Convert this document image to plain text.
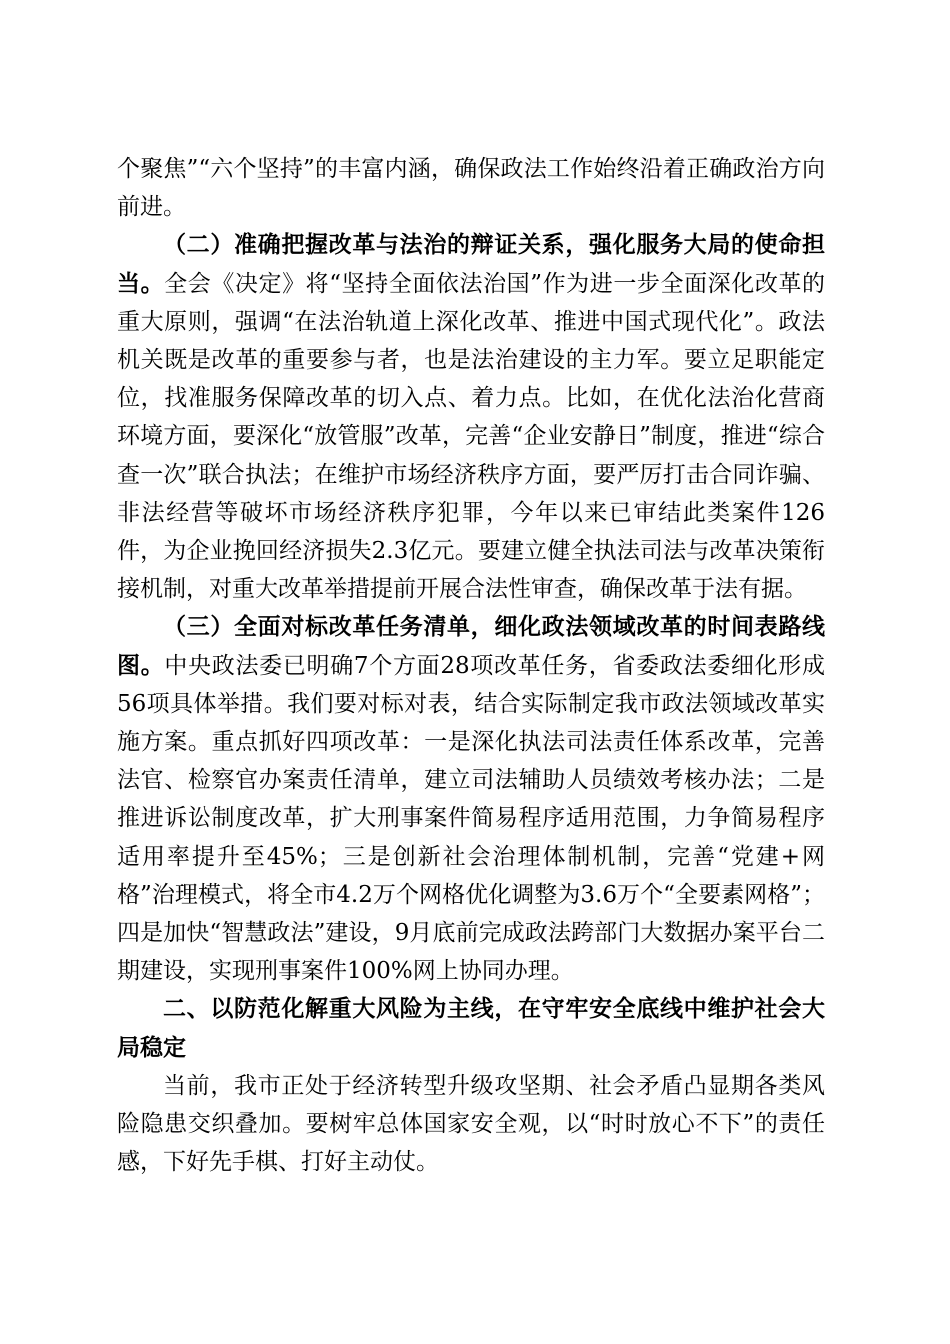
个聚焦”“六个坚持”的丰富内涵，确保政法工作始终沿着正确政治方向前进。

（二）准确把握改革与法治的辩证关系，强化服务大局的使命担当。全会《决定》将“坚持全面依法治国”作为进一步全面深化改革的重大原则，强调“在法治轨道上深化改革、推进中国式现代化”。政法机关既是改革的重要参与者，也是法治建设的主力军。要立足职能定位，找准服务保障改革的切入点、着力点。比如，在优化法治化营商环境方面，要深化“放管服”改革，完善“企业安静日”制度，推进“综合查一次”联合执法；在维护市场经济秩序方面，要严厉打击合同诈骗、非法经营等破坏市场经济秩序犯罪，今年以来已审结此类案件126件，为企业挽回经济损失2.3亿元。要建立健全执法司法与改革决策衔接机制，对重大改革举措提前开展合法性审查，确保改革于法有据。

（三）全面对标改革任务清单，细化政法领域改革的时间表路线图。中央政法委已明确7个方面28项改革任务，省委政法委细化形成56项具体举措。我们要对标对表，结合实际制定我市政法领域改革实施方案。重点抓好四项改革：一是深化执法司法责任体系改革，完善法官、检察官办案责任清单，建立司法辅助人员绩效考核办法；二是推进诉讼制度改革，扩大刑事案件简易程序适用范围，力争简易程序适用率提升至45%；三是创新社会治理体制机制，完善“党建+网格”治理模式，将全市4.2万个网格优化调整为3.6万个“全要素网格”；四是加快“智慧政法”建设，9月底前完成政法跨部门大数据办案平台二期建设，实现刑事案件100%网上协同办理。

二、以防范化解重大风险为主线，在守牢安全底线中维护社会大局稳定

当前，我市正处于经济转型升级攻坚期、社会矛盾凸显期各类风险隐患交织叠加。要树牢总体国家安全观，以“时时放心不下”的责任感，下好先手棋、打好主动仗。
